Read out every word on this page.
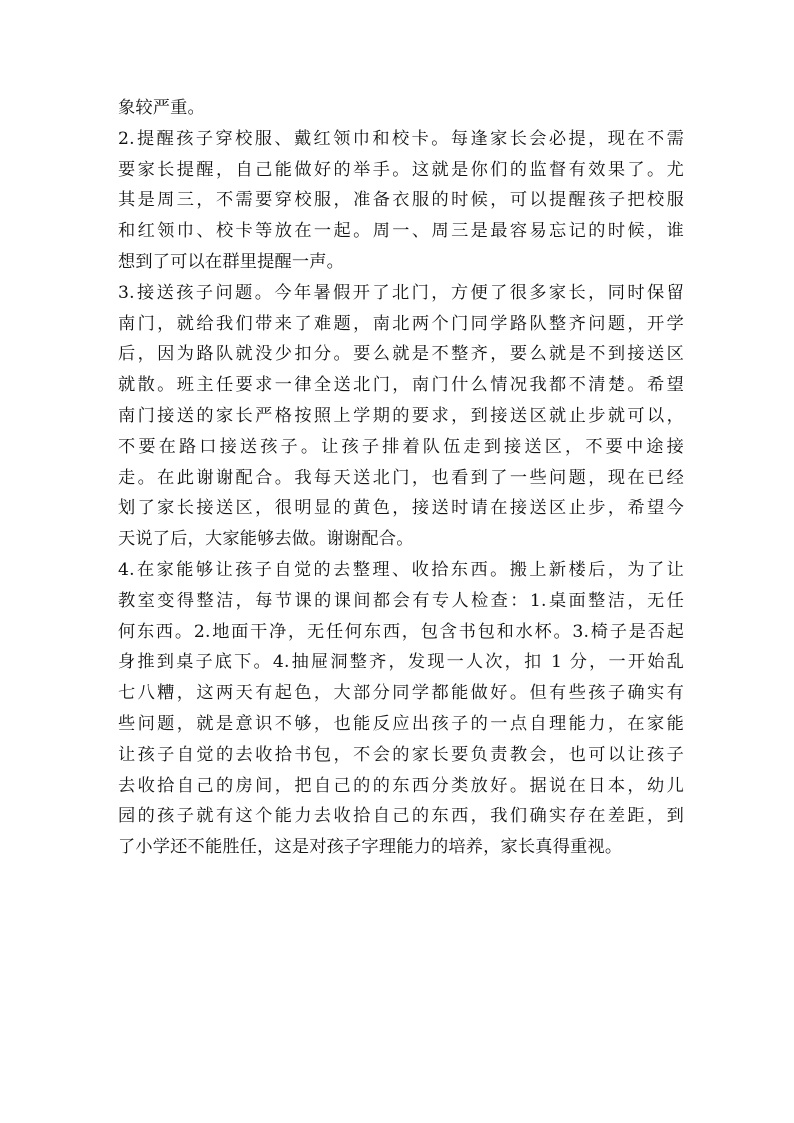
象较严重。
2.提醒孩子穿校服、戴红领巾和校卡。每逢家长会必提，现在不需
要家长提醒，自己能做好的举手。这就是你们的监督有效果了。尤
其是周三，不需要穿校服，准备衣服的时候，可以提醒孩子把校服
和红领巾、校卡等放在一起。周一、周三是最容易忘记的时候，谁
想到了可以在群里提醒一声。
3.接送孩子问题。今年暑假开了北门，方便了很多家长，同时保留
南门，就给我们带来了难题，南北两个门同学路队整齐问题，开学
后，因为路队就没少扣分。要么就是不整齐，要么就是不到接送区
就散。班主任要求一律全送北门，南门什么情况我都不清楚。希望
南门接送的家长严格按照上学期的要求，到接送区就止步就可以，
不要在路口接送孩子。让孩子排着队伍走到接送区，不要中途接
走。在此谢谢配合。我每天送北门，也看到了一些问题，现在已经
划了家长接送区，很明显的黄色，接送时请在接送区止步，希望今
天说了后，大家能够去做。谢谢配合。
4.在家能够让孩子自觉的去整理、收拾东西。搬上新楼后，为了让
教室变得整洁，每节课的课间都会有专人检查：1.桌面整洁，无任
何东西。2.地面干净，无任何东西，包含书包和水杯。3.椅子是否起
身推到桌子底下。4.抽屉洞整齐，发现一人次，扣 1 分，一开始乱
七八糟，这两天有起色，大部分同学都能做好。但有些孩子确实有
些问题，就是意识不够，也能反应出孩子的一点自理能力，在家能
让孩子自觉的去收拾书包，不会的家长要负责教会，也可以让孩子
去收拾自己的房间，把自己的的东西分类放好。据说在日本，幼儿
园的孩子就有这个能力去收拾自己的东西，我们确实存在差距，到
了小学还不能胜任，这是对孩子字理能力的培养，家长真得重视。
